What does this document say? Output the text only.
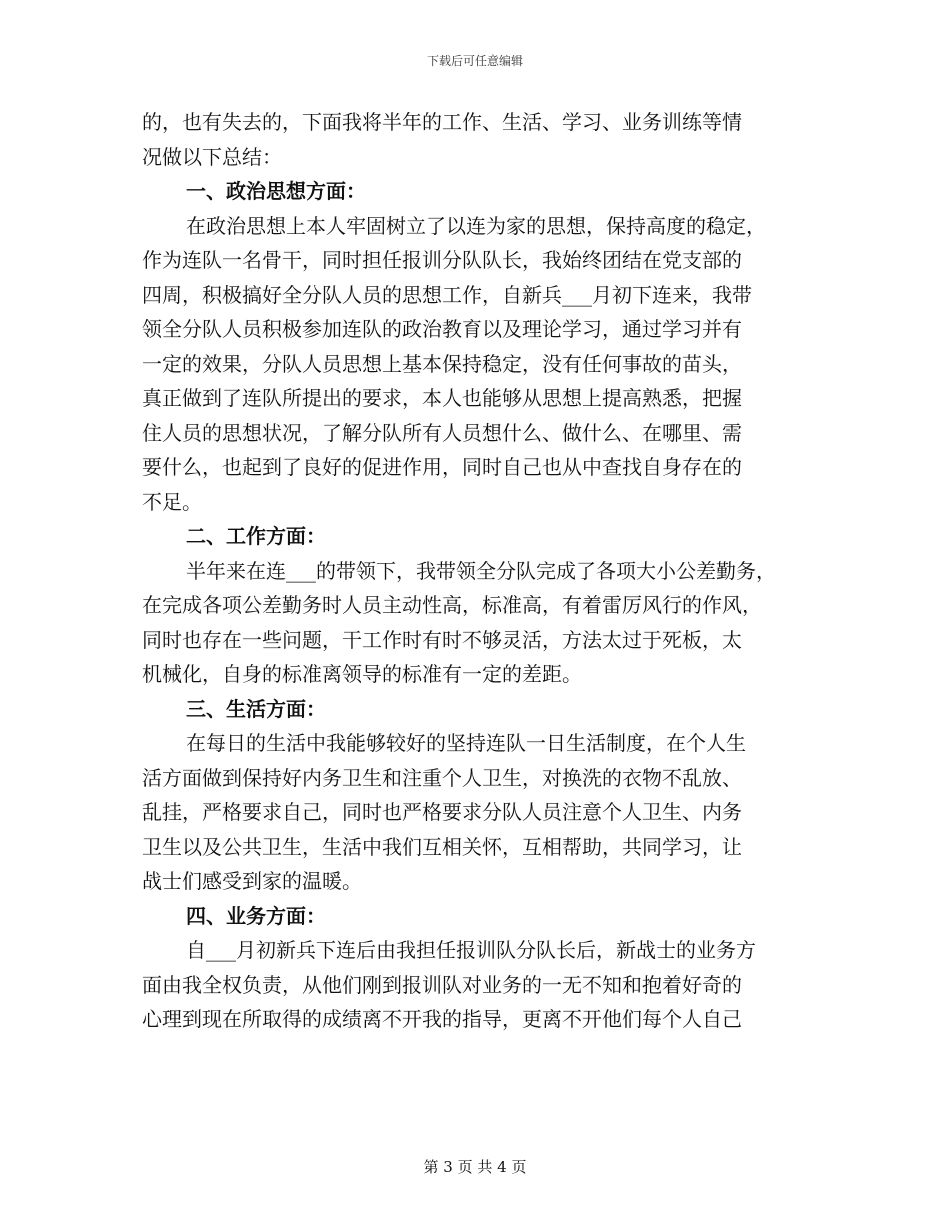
下载后可任意编辑
的，也有失去的，下面我将半年的工作、生活、学习、业务训练等情
况做以下总结：
一、政治思想方面：
在政治思想上本人牢固树立了以连为家的思想，保持高度的稳定，
作为连队一名骨干，同时担任报训分队队长，我始终团结在党支部的
四周，积极搞好全分队人员的思想工作，自新兵___月初下连来，我带
领全分队人员积极参加连队的政治教育以及理论学习，通过学习并有
一定的效果，分队人员思想上基本保持稳定，没有任何事故的苗头，
真正做到了连队所提出的要求，本人也能够从思想上提高熟悉，把握
住人员的思想状况，了解分队所有人员想什么、做什么、在哪里、需
要什么，也起到了良好的促进作用，同时自己也从中查找自身存在的
不足。
二、工作方面：
半年来在连___的带领下，我带领全分队完成了各项大小公差勤务，
在完成各项公差勤务时人员主动性高，标准高，有着雷厉风行的作风，
同时也存在一些问题，干工作时有时不够灵活，方法太过于死板，太
机械化，自身的标准离领导的标准有一定的差距。
三、生活方面：
在每日的生活中我能够较好的坚持连队一日生活制度，在个人生
活方面做到保持好内务卫生和注重个人卫生，对换洗的衣物不乱放、
乱挂，严格要求自己，同时也严格要求分队人员注意个人卫生、内务
卫生以及公共卫生，生活中我们互相关怀，互相帮助，共同学习，让
战士们感受到家的温暖。
四、业务方面：
自___月初新兵下连后由我担任报训队分队长后，新战士的业务方
面由我全权负责，从他们刚到报训队对业务的一无不知和抱着好奇的
心理到现在所取得的成绩离不开我的指导，更离不开他们每个人自己
第 3 页 共 4 页
